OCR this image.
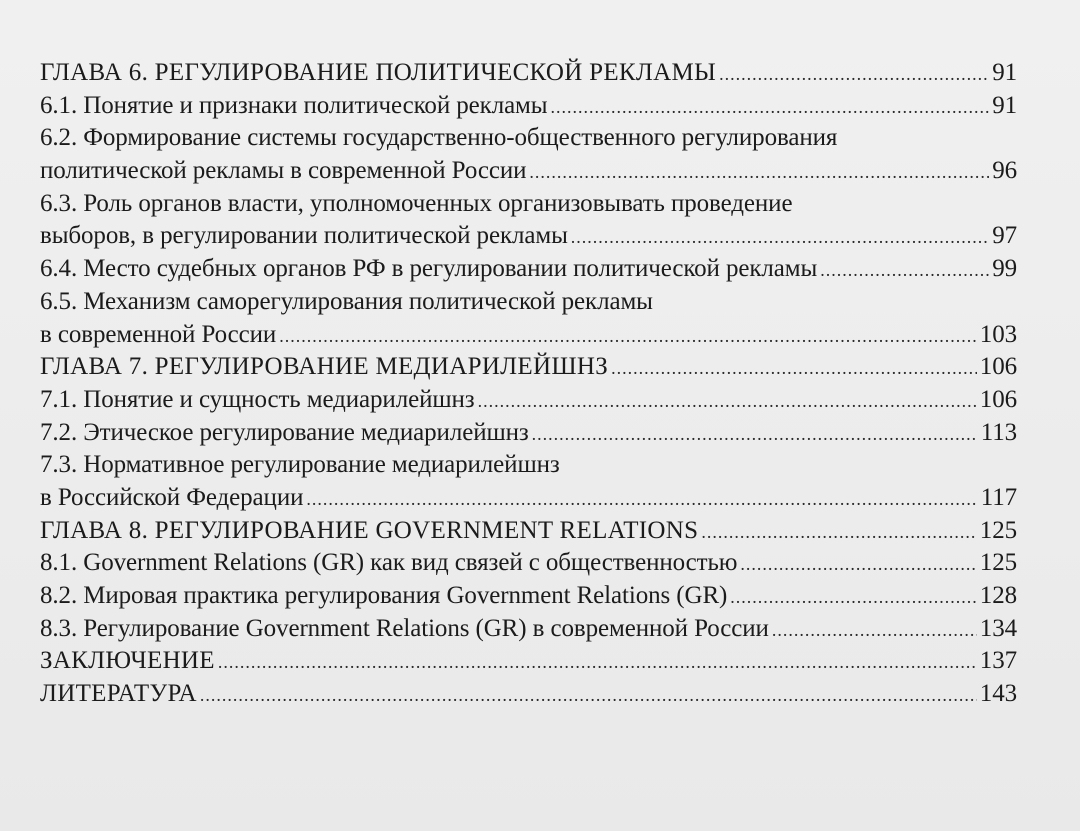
ГЛАВА 6. РЕГУЛИРОВАНИЕ ПОЛИТИЧЕСКОЙ РЕКЛАМЫ .....	91
6.1. Понятие и признаки политической рекламы .....	91
6.2. Формирование системы государственно-общественного регулирования
политической рекламы в современной России .....	96
6.3. Роль органов власти, уполномоченных организовывать проведение
выборов, в регулировании политической рекламы .....	97
6.4. Место судебных органов РФ в регулировании политической рекламы .....	99
6.5. Механизм саморегулирования политической рекламы
в современной России .....	103
ГЛАВА 7. РЕГУЛИРОВАНИЕ МЕДИАРИЛЕЙШНЗ .....	106
7.1. Понятие и сущность медиарилейшнз .....	106
7.2. Этическое регулирование медиарилейшнз .....	113
7.3. Нормативное регулирование медиарилейшнз
в Российской Федерации .....	117
ГЛАВА 8. РЕГУЛИРОВАНИЕ GOVERNMENT RELATIONS .....	125
8.1. Government Relations (GR) как вид связей с общественностью .....	125
8.2. Мировая практика регулирования Government Relations (GR) .....	128
8.3. Регулирование Government Relations (GR) в современной России .....	134
ЗАКЛЮЧЕНИЕ .....	137
ЛИТЕРАТУРА .....	143
